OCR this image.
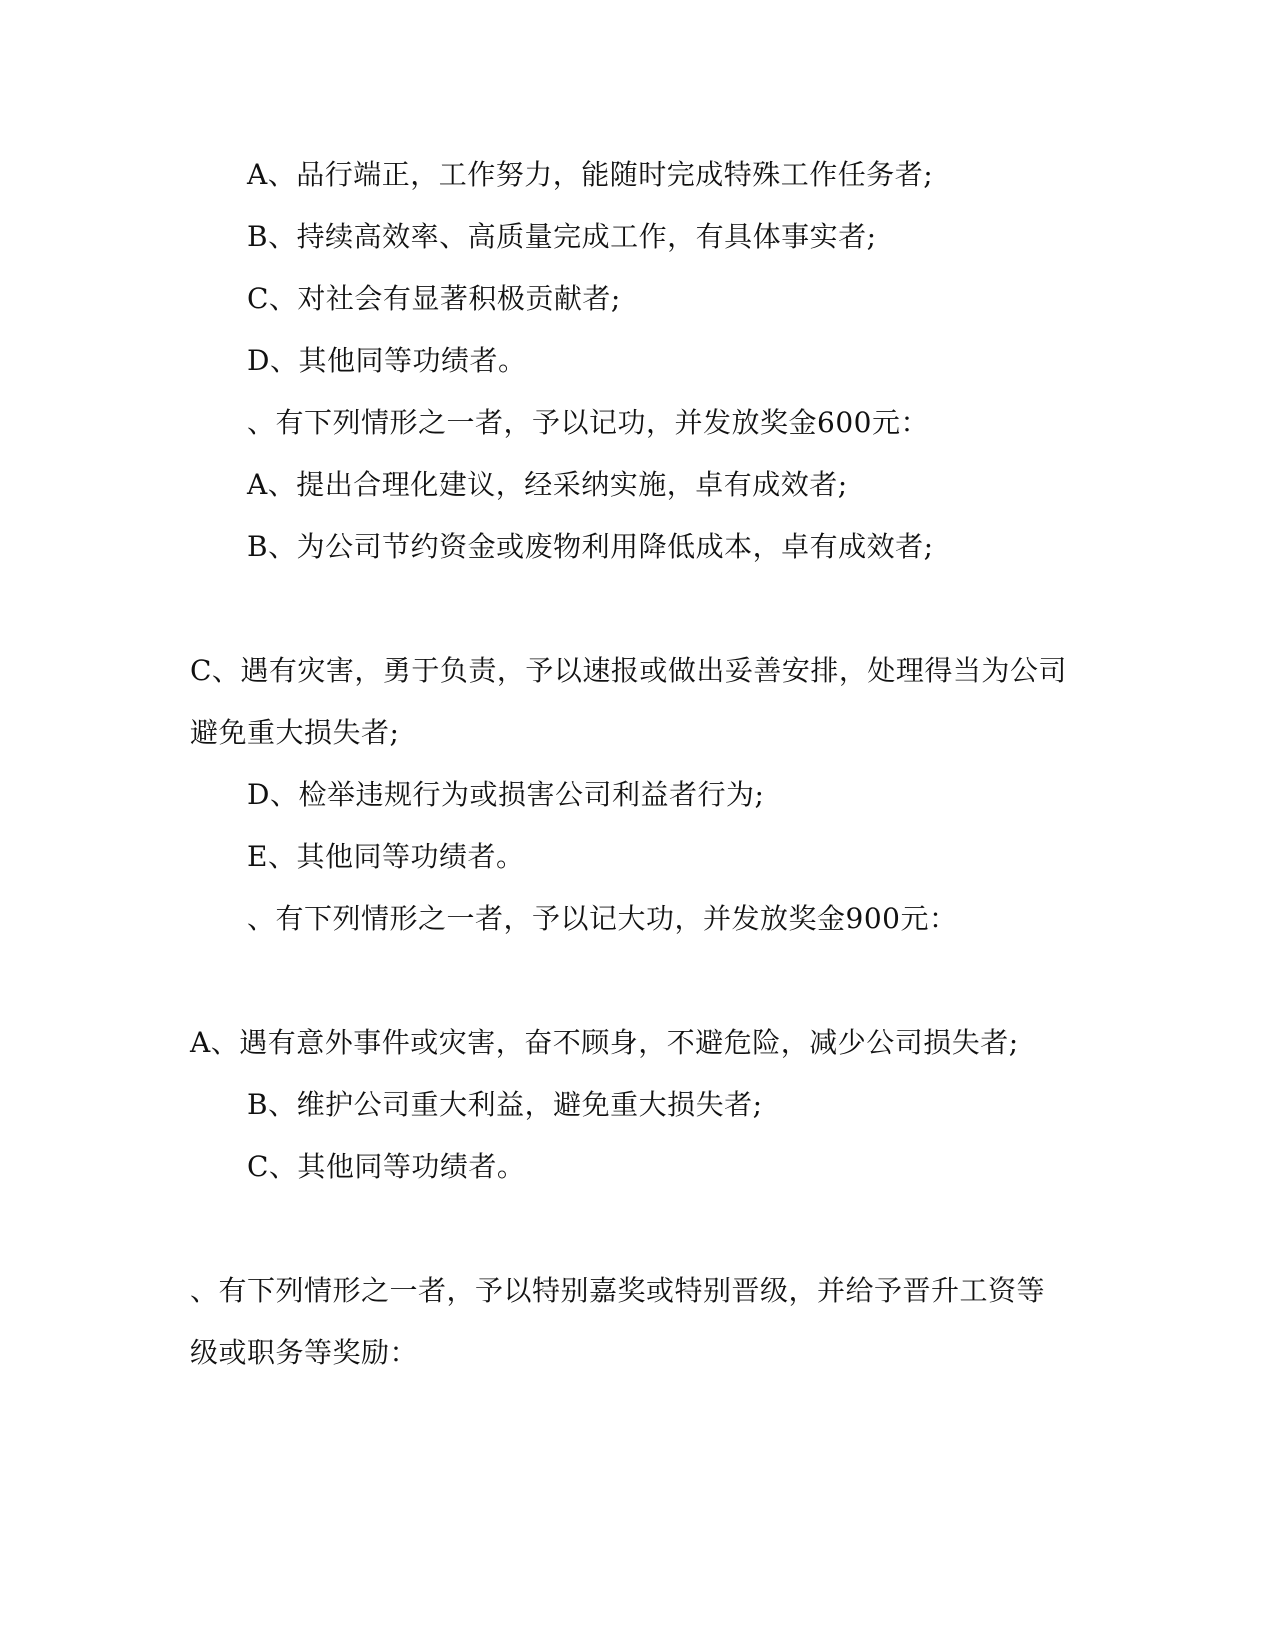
A、品行端正，工作努力，能随时完成特殊工作任务者;
B、持续高效率、高质量完成工作，有具体事实者;
C、对社会有显著积极贡献者;
D、其他同等功绩者。
、有下列情形之一者，予以记功，并发放奖金600元：
A、提出合理化建议，经采纳实施，卓有成效者;
B、为公司节约资金或废物利用降低成本，卓有成效者;
C、遇有灾害，勇于负责，予以速报或做出妥善安排，处理得当为公司
避免重大损失者;
D、检举违规行为或损害公司利益者行为;
E、其他同等功绩者。
、有下列情形之一者，予以记大功，并发放奖金900元：
A、遇有意外事件或灾害，奋不顾身，不避危险，减少公司损失者;
B、维护公司重大利益，避免重大损失者;
C、其他同等功绩者。
、有下列情形之一者，予以特别嘉奖或特别晋级，并给予晋升工资等
级或职务等奖励：
